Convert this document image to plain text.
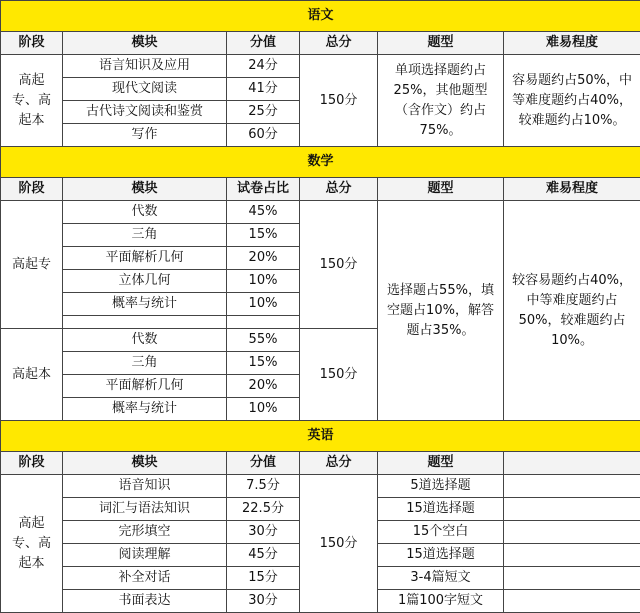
语文					
阶段	模块	分值	总分	题型	难易程度
高起专、高起本	语言知识及应用	24分	150分	单项选择题约占25%，其他题型（含作文）约占75%。	容易题约占50%，中等难度题约占40%，较难题约占10%。
	现代文阅读	41分			
	古代诗文阅读和鉴赏	25分			
	写作	60分			
数学					
阶段	模块	试卷占比	总分	题型	难易程度
高起专	代数	45%	150分	选择题占55%，填空题占10%，解答题占35%。	较容易题约占40%，中等难度题约占50%，较难题约占10%。
	三角	15%			
	平面解析几何	20%			
	立体几何	10%			
	概率与统计	10%			

高起本	代数	55%	150分		
	三角	15%			
	平面解析几何	20%			
	概率与统计	10%			
英语					
阶段	模块	分值	总分	题型	
高起专、高起本	语音知识	7.5分	150分	5道选择题	
	词汇与语法知识	22.5分		15道选择题	
	完形填空	30分		15个空白	
	阅读理解	45分		15道选择题	
	补全对话	15分		3-4篇短文	
	书面表达	30分		1篇100字短文	
